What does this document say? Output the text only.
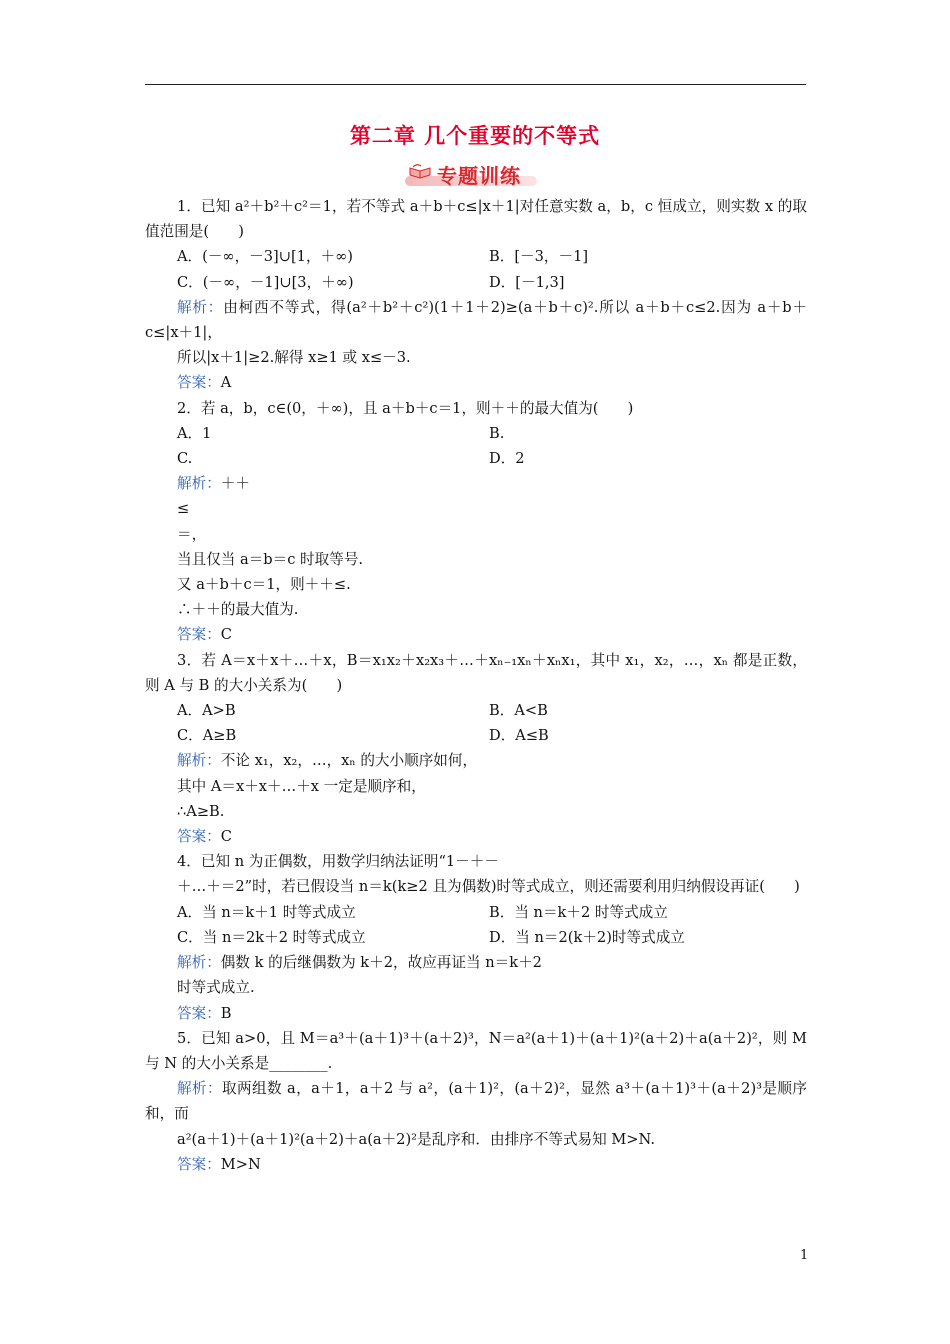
第二章 几个重要的不等式
专题训练

1．已知 a²＋b²＋c²＝1，若不等式 a＋b＋c≤|x＋1|对任意实数 a，b，c 恒成立，则实数 x 的取值范围是(　　)

A．(－∞，－3]∪[1，＋∞)	B．[－3，－1]
C．(－∞，－1]∪[3，＋∞)	D．[－1,3]

解析：由柯西不等式，得(a²＋b²＋c²)(1＋1＋2)≥(a＋b＋c)².所以 a＋b＋c≤2.因为 a＋b＋c≤|x＋1|，

所以|x＋1|≥2.解得 x≥1 或 x≤－3.

答案：A

2．若 a，b，c∈(0，＋∞)，且 a＋b＋c＝1，则＋＋的最大值为(　　)

A．1	B.
C.	D．2

解析：＋＋

≤

＝，

当且仅当 a＝b＝c 时取等号.

又 a＋b＋c＝1，则＋＋≤.

∴＋＋的最大值为.

答案：C

3．若 A＝x＋x＋…＋x，B＝x₁x₂＋x₂x₃＋…＋xₙ₋₁xₙ＋xₙx₁，其中 x₁，x₂，…，xₙ 都是正数，则 A 与 B 的大小关系为(　　)

A．A>B	B．A<B
C．A≥B	D．A≤B

解析：不论 x₁，x₂，…，xₙ 的大小顺序如何，

其中 A＝x＋x＋…＋x 一定是顺序和，

∴A≥B.

答案：C

4．已知 n 为正偶数，用数学归纳法证明“1－＋－

＋…＋＝2”时，若已假设当 n＝k(k≥2 且为偶数)时等式成立，则还需要利用归纳假设再证(　　)

A．当 n＝k＋1 时等式成立	B．当 n＝k＋2 时等式成立
C．当 n＝2k＋2 时等式成立	D．当 n＝2(k＋2)时等式成立

解析：偶数 k 的后继偶数为 k＋2，故应再证当 n＝k＋2

时等式成立.

答案：B

5．已知 a>0，且 M＝a³＋(a＋1)³＋(a＋2)³，N＝a²(a＋1)＋(a＋1)²(a＋2)＋a(a＋2)²，则 M 与 N 的大小关系是________.

解析：取两组数 a，a＋1，a＋2 与 a²，(a＋1)²，(a＋2)²，显然 a³＋(a＋1)³＋(a＋2)³是顺序和，而

a²(a＋1)＋(a＋1)²(a＋2)＋a(a＋2)²是乱序和．由排序不等式易知 M>N.

答案：M>N

1
